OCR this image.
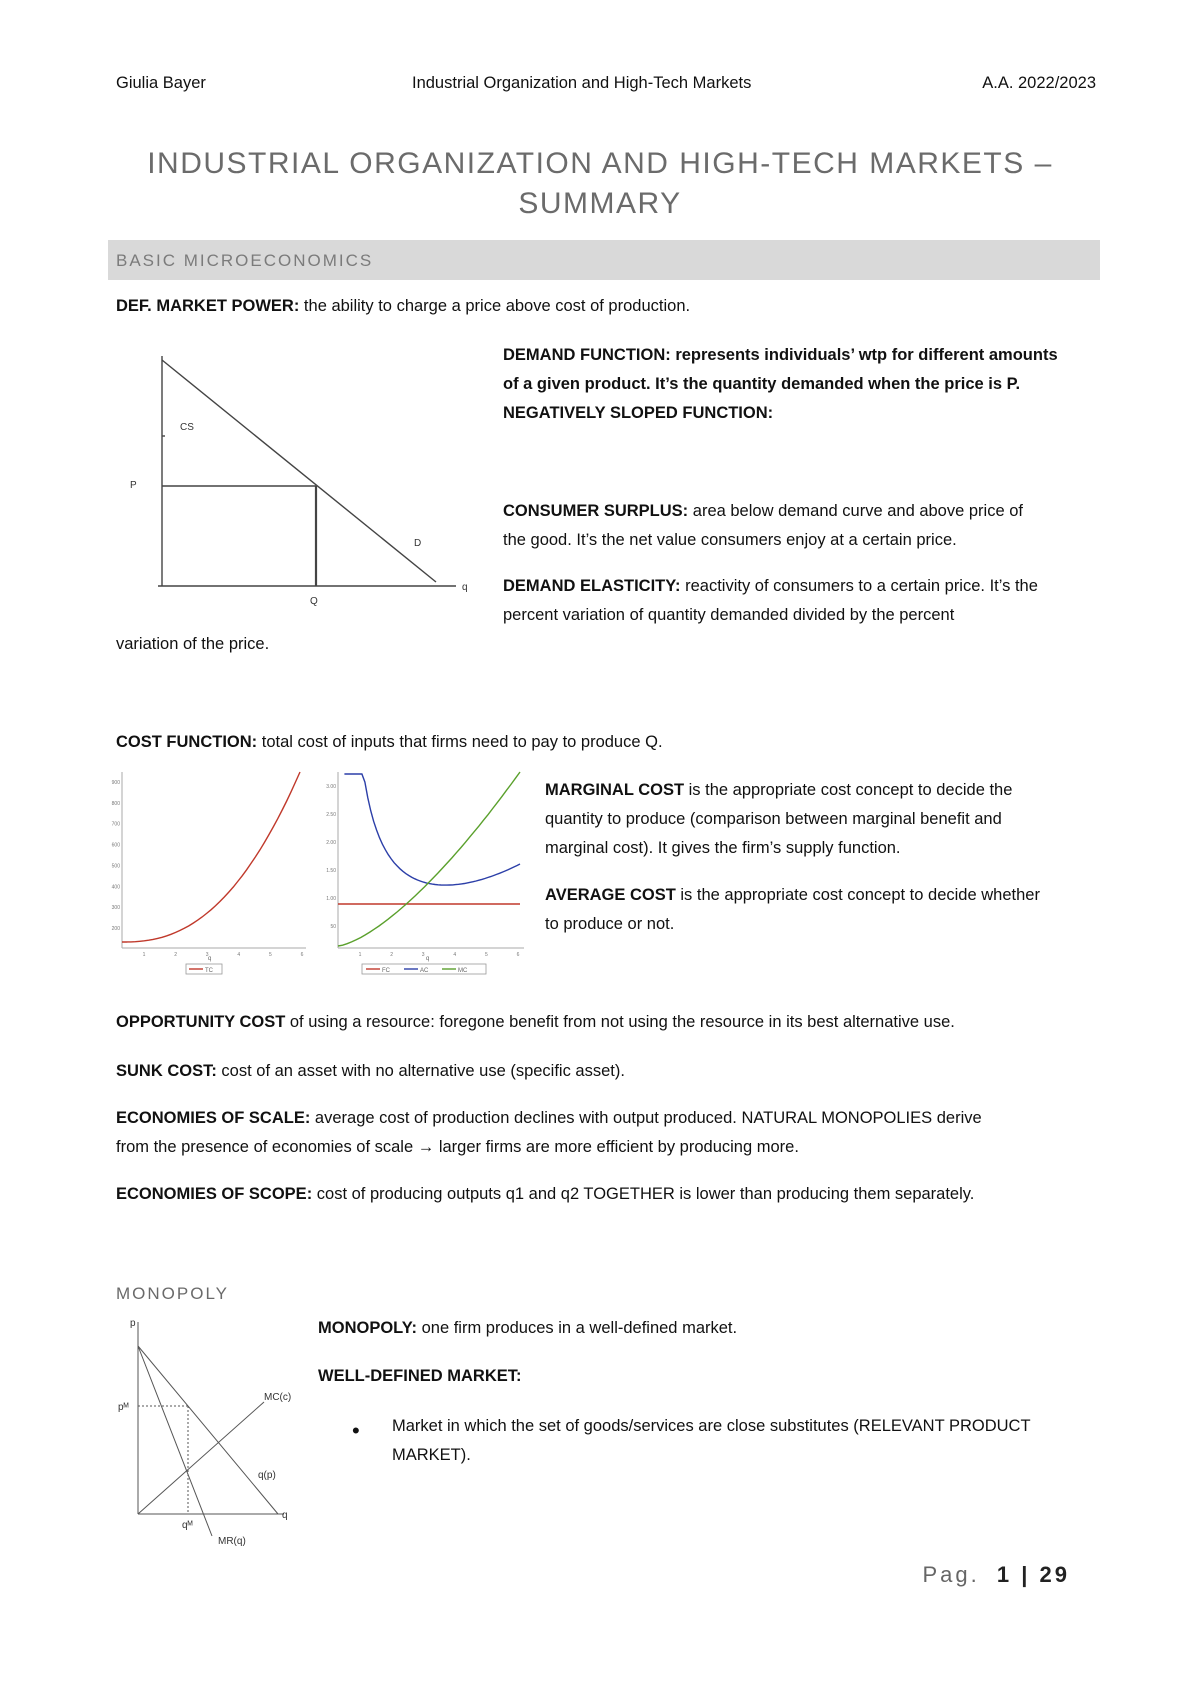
Giulia Bayer	Industrial Organization and High-Tech Markets	A.A. 2022/2023
INDUSTRIAL ORGANIZATION AND HIGH-TECH MARKETS –
SUMMARY
BASIC MICROECONOMICS
DEF. MARKET POWER: the ability to charge a price above cost of production.
CS
P
D
Q
q
DEMAND FUNCTION: represents individuals’ wtp for different amounts
of a given product. It’s the quantity demanded when the price is P.
NEGATIVELY SLOPED FUNCTION:
CONSUMER SURPLUS: area below demand curve and above price of
the good. It’s the net value consumers enjoy at a certain price.
DEMAND ELASTICITY: reactivity of consumers to a certain price. It’s the
percent variation of quantity demanded divided by the percent
variation of the price.
COST FUNCTION: total cost of inputs that firms need to pay to produce Q.
900
800
700
600
500
400
300
200
1	2	3	4	5	6
q
TC
3.00
2.50
2.00
1.50
1.00
50
1	2	3	4	5	6
q
FC	AC	MC
MARGINAL COST is the appropriate cost concept to decide the
quantity to produce (comparison between marginal benefit and
marginal cost). It gives the firm’s supply function.
AVERAGE COST is the appropriate cost concept to decide whether
to produce or not.
OPPORTUNITY COST of using a resource: foregone benefit from not using the resource in its best alternative use.
SUNK COST: cost of an asset with no alternative use (specific asset).
ECONOMIES OF SCALE: average cost of production declines with output produced. NATURAL MONOPOLIES derive
from the presence of economies of scale → larger firms are more efficient by producing more.
ECONOMIES OF SCOPE: cost of producing outputs q1 and q2 TOGETHER is lower than producing them separately.
MONOPOLY
p
pᴹ
MC(c)
q(p)
q
qᴹ
MR(q)
MONOPOLY: one firm produces in a well-defined market.
WELL-DEFINED MARKET:
• Market in which the set of goods/services are close substitutes (RELEVANT PRODUCT
MARKET).
Pag. 1 | 29
